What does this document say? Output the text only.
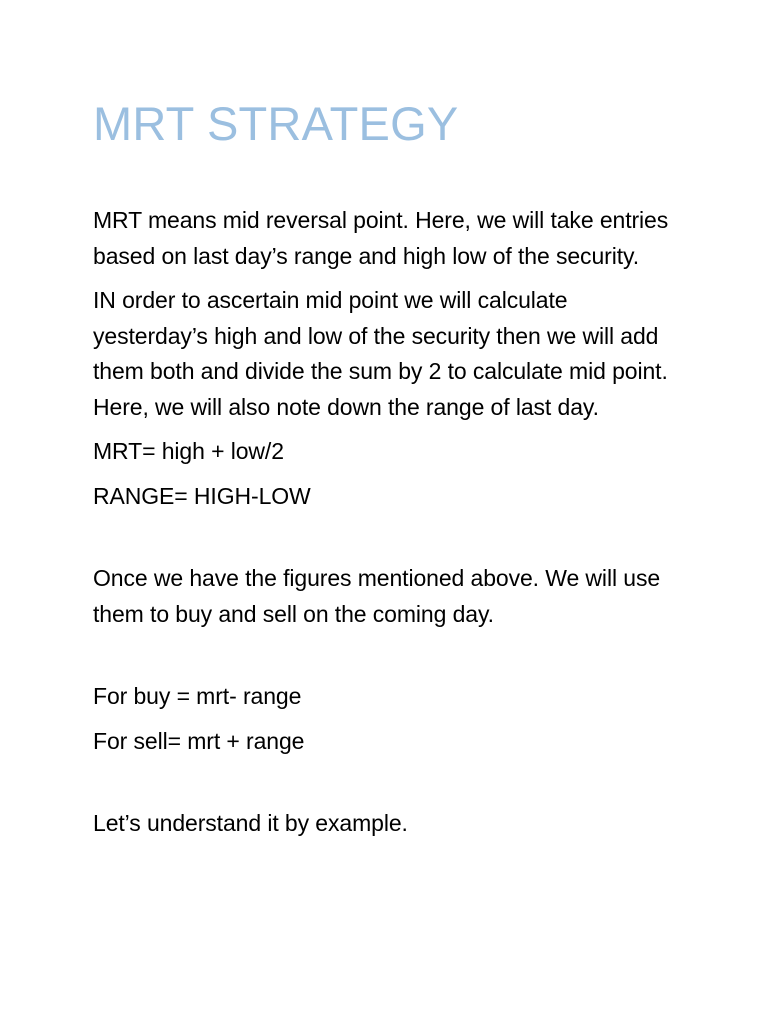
MRT STRATEGY

MRT means mid reversal point. Here, we will take entries based on last day’s range and high low of the security.

IN order to ascertain mid point we will calculate yesterday’s high and low of the security then we will add them both and divide the sum by 2 to calculate mid point. Here, we will also note down the range of last day.

MRT= high + low/2

RANGE= HIGH-LOW

Once we have the figures mentioned above. We will use them to buy and sell on the coming day.

For buy = mrt- range

For sell= mrt + range

Let’s understand it by example.
